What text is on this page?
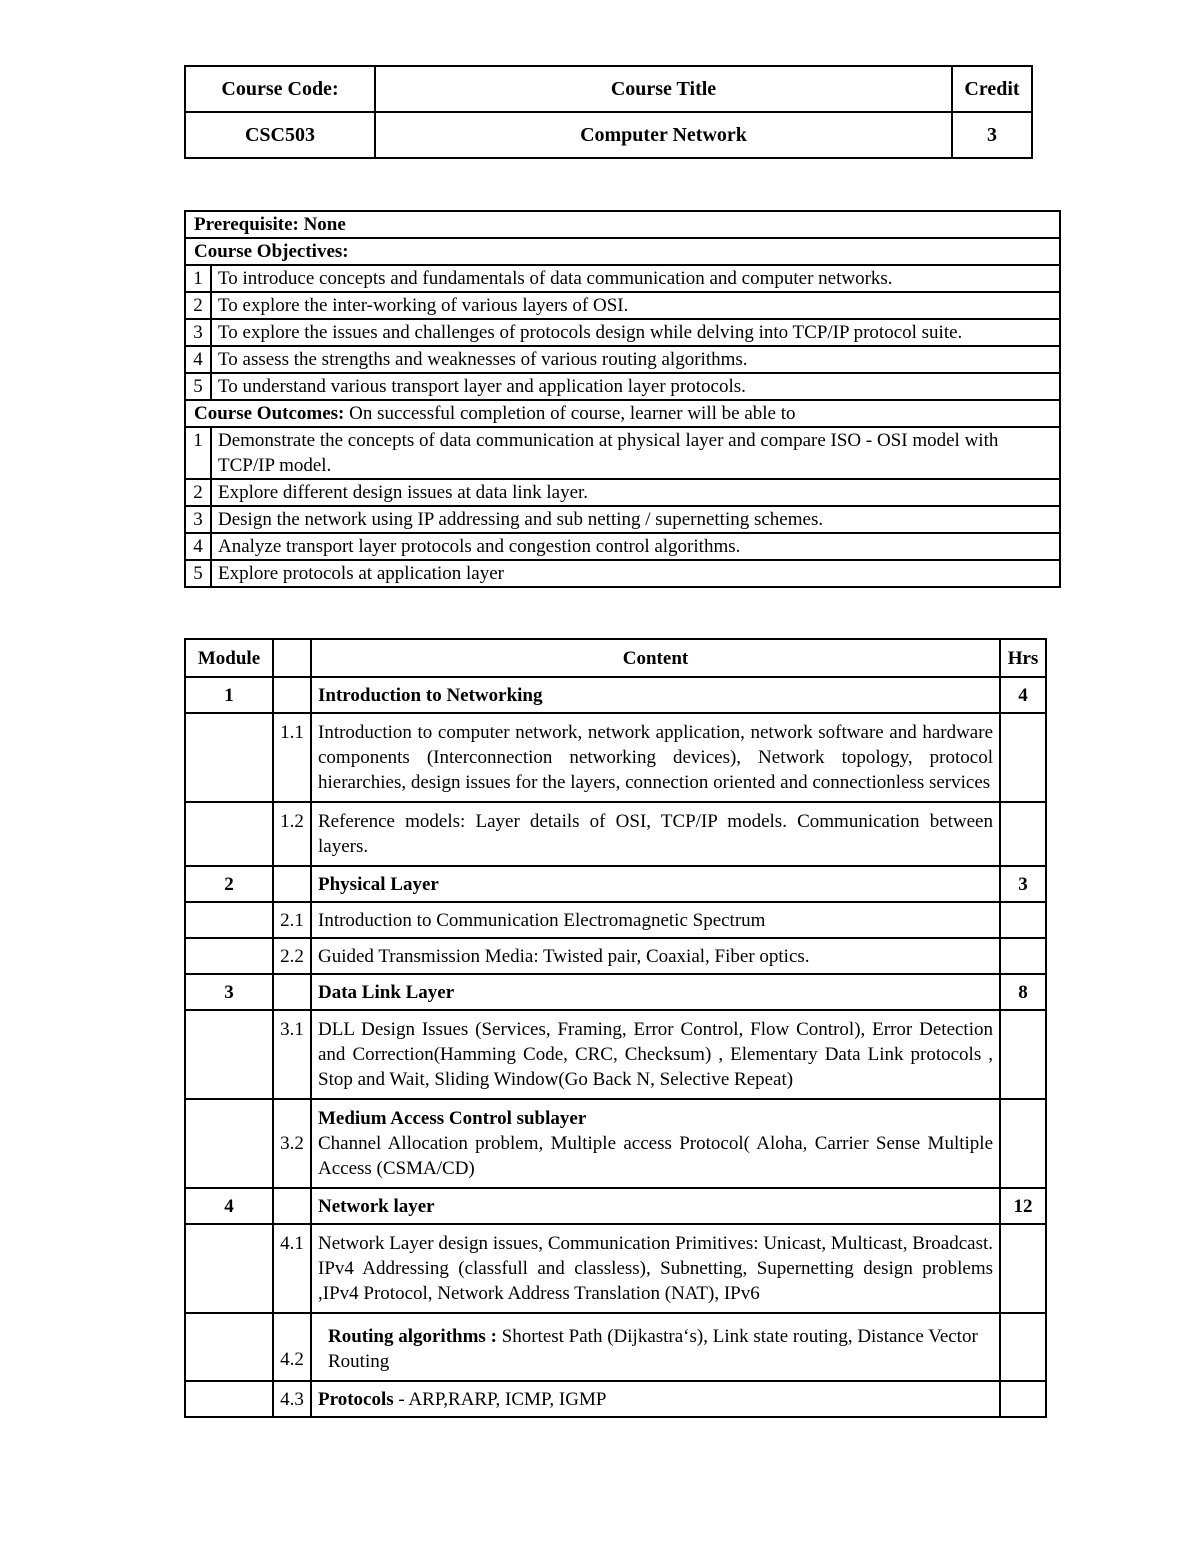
Course Code:	Course Title	Credit
CSC503	Computer Network	3
Prerequisite: None	
Course Objectives:	
1	To introduce concepts and fundamentals of data communication and computer networks.
2	To explore the inter-working of various layers of OSI.
3	To explore the issues and challenges of protocols design while delving into TCP/IP protocol suite.
4	To assess the strengths and weaknesses of various routing algorithms.
5	To understand various transport layer and application layer protocols.
Course Outcomes: On successful completion of course, learner will be able to	
1	Demonstrate the concepts of data communication at physical layer and compare ISO - OSI model with TCP/IP model.
2	Explore different design issues at data link layer.
3	Design the network using IP addressing and sub netting / supernetting schemes.
4	Analyze transport layer protocols and congestion control algorithms.
5	Explore protocols at application layer
Module		Content	Hrs
1		Introduction to Networking	4
	1.1	Introduction to computer network, network application, network software and hardware components (Interconnection networking devices), Network topology, protocol hierarchies, design issues for the layers, connection oriented and connectionless services	
	1.2	Reference models: Layer details of OSI, TCP/IP models. Communication between layers.	
2		Physical Layer	3
	2.1	Introduction to Communication Electromagnetic Spectrum	
	2.2	Guided Transmission Media: Twisted pair, Coaxial, Fiber optics.	
3		Data Link Layer	8
	3.1	DLL Design Issues (Services, Framing, Error Control, Flow Control), Error Detection and Correction(Hamming Code, CRC, Checksum) , Elementary Data Link protocols , Stop and Wait, Sliding Window(Go Back N, Selective Repeat)	
	3.2	Medium Access Control sublayer
Channel Allocation problem, Multiple access Protocol( Aloha, Carrier Sense Multiple Access (CSMA/CD)	

4		Network layer	12
	4.1	Network Layer design issues, Communication Primitives: Unicast, Multicast, Broadcast. IPv4 Addressing (classfull and classless), Subnetting, Supernetting design problems ,IPv4 Protocol, Network Address Translation (NAT), IPv6	
	4.2	Routing algorithms : Shortest Path (Dijkastra‘s), Link state routing, Distance Vector Routing	
	4.3	Protocols - ARP,RARP, ICMP, IGMP	
